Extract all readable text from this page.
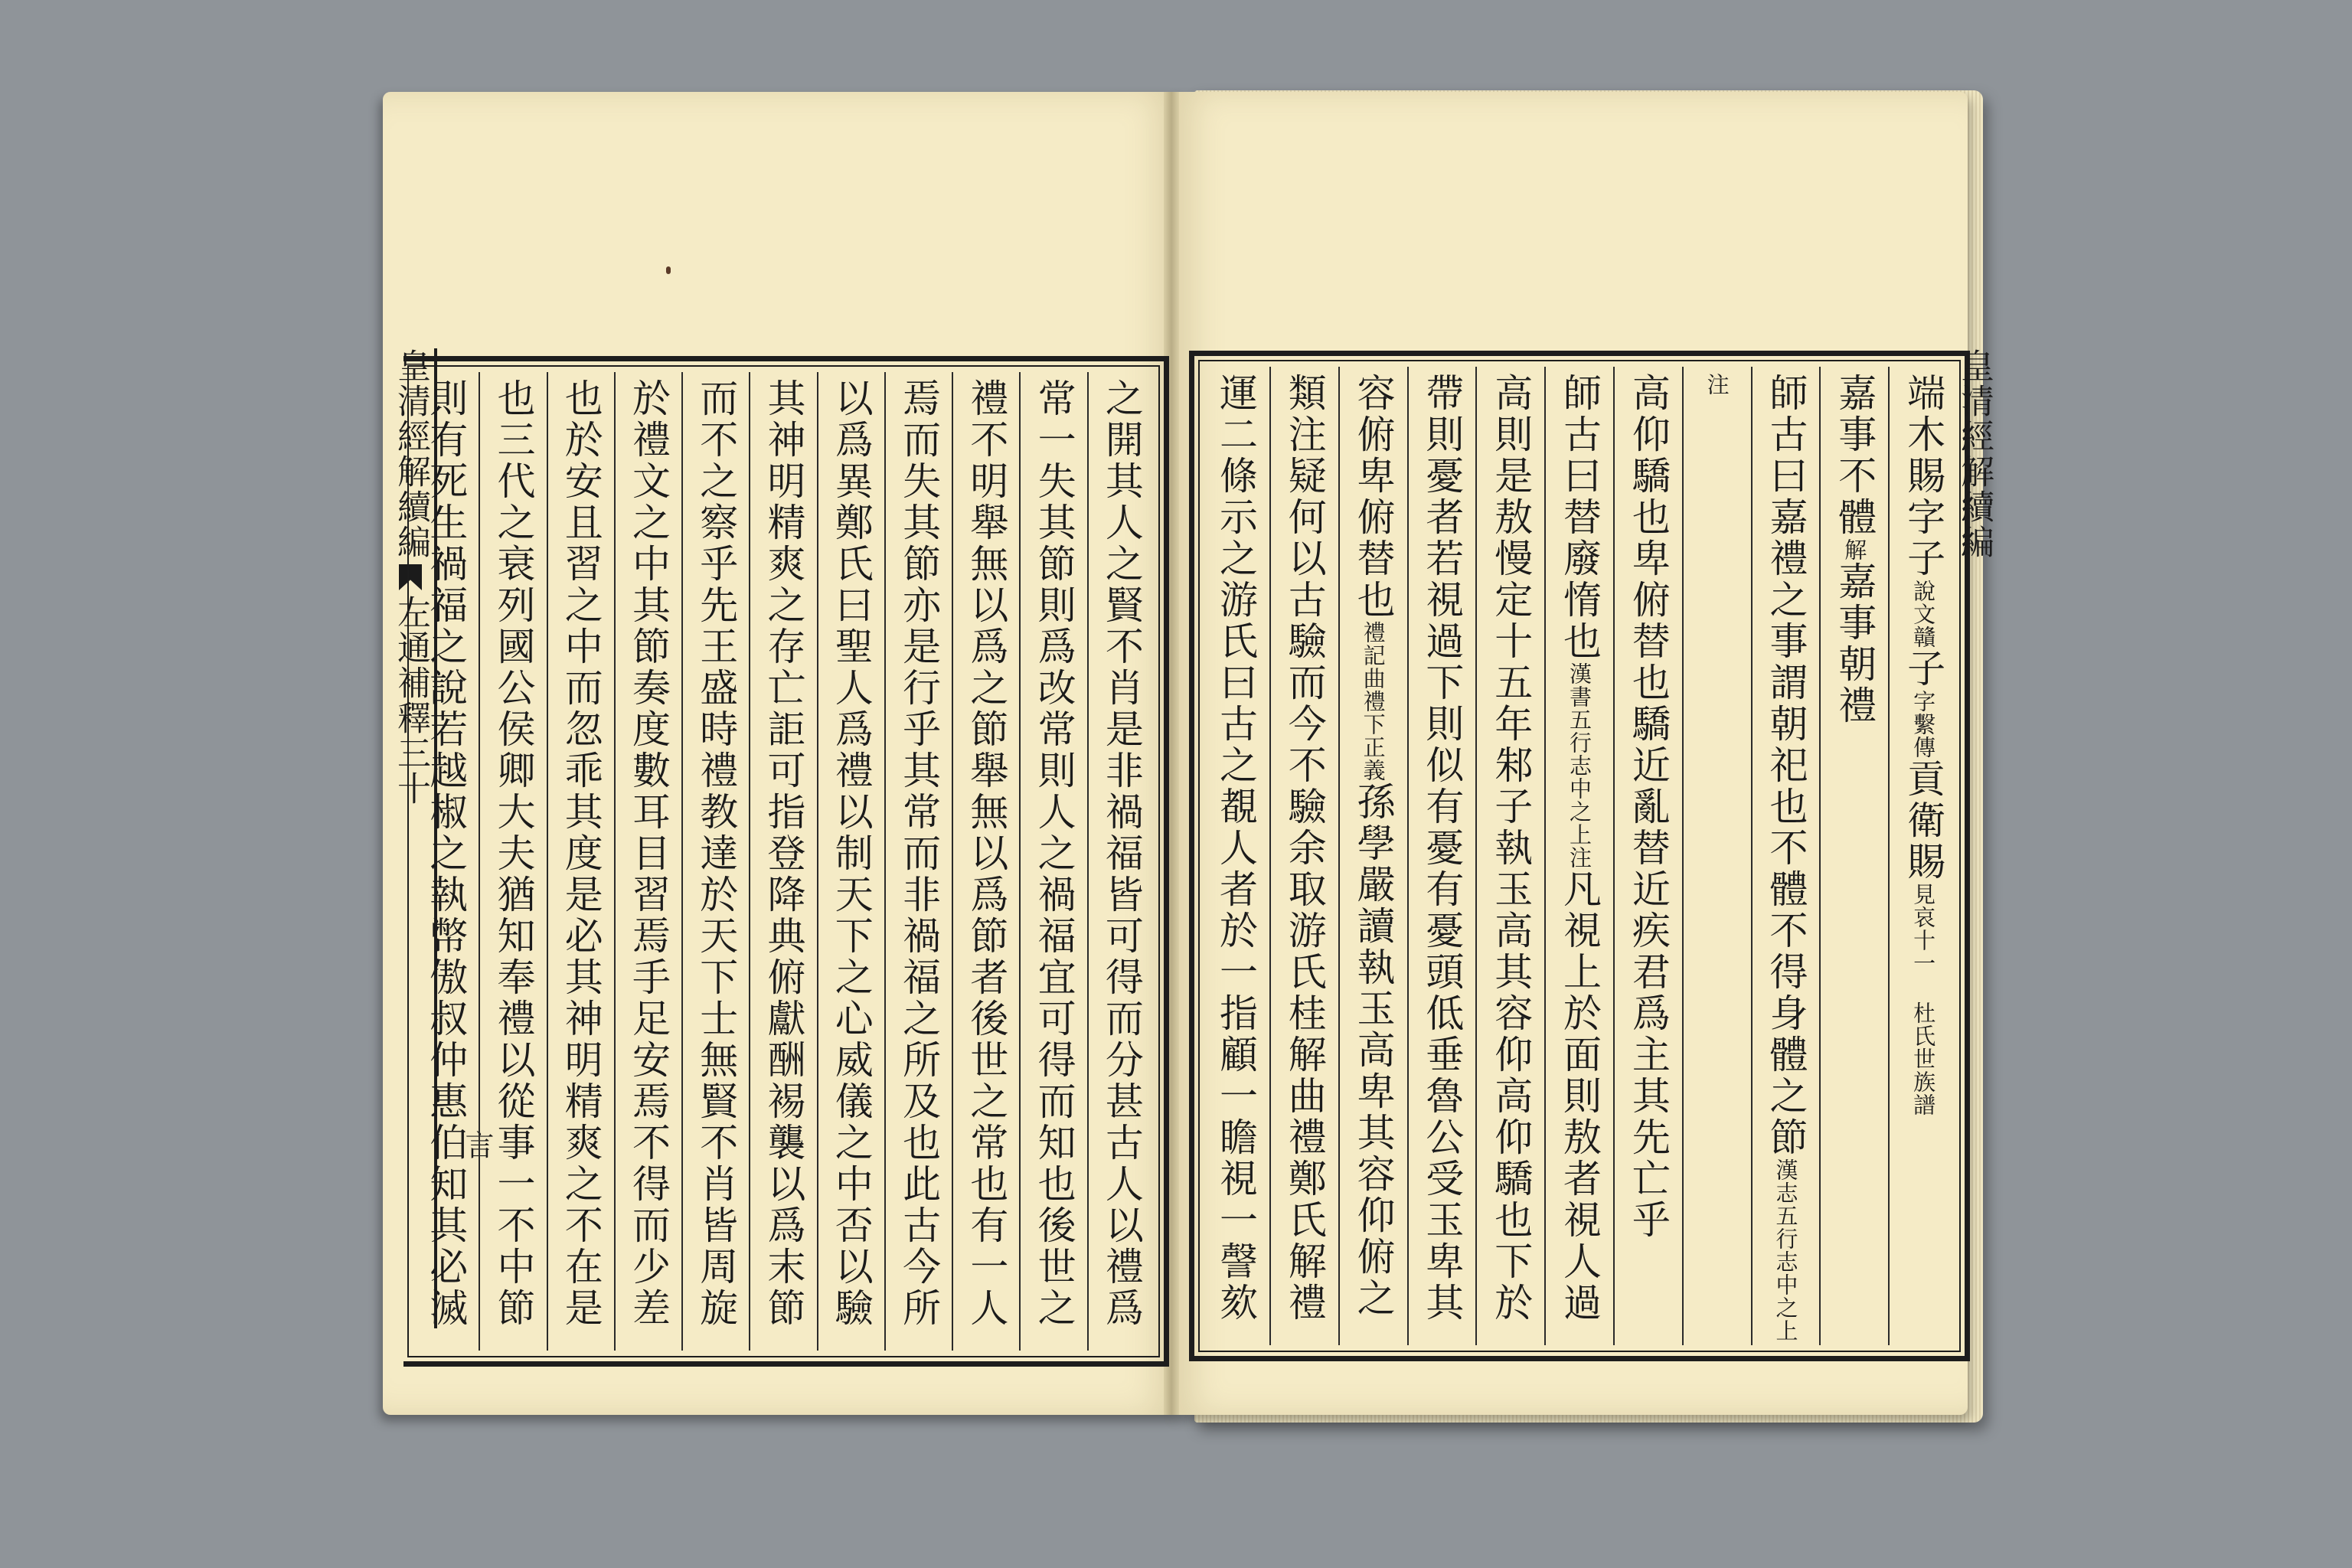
皇清經解續編左通補釋三十
言	之開其人之賢不肖是非禍福皆可得而分甚古人以禮爲
常一失其節則爲改常則人之禍福宜可得而知也後世之
禮不明舉無以爲之節舉無以爲節者後世之常也有一人
焉而失其節亦是行乎其常而非禍福之所及也此古今所
以爲異鄭氏曰聖人爲禮以制天下之心威儀之中否以驗
其神明精爽之存亡詎可指登降典俯獻酬裼襲以爲末節
而不之察乎先王盛時禮教達於天下士無賢不肖皆周旋
於禮文之中其節奏度數耳目習焉手足安焉不得而少差
也於安且習之中而忽乖其度是必其神明精爽之不在是
也三代之衰列國公侯卿大夫猶知奉禮以從事一不中節
則有死生禍福之說若越椒之執幣傲叔仲惠伯知其必滅	端木賜字子說文贛子字繫傳貢衛賜見哀十一 杜氏世族譜
嘉事不體解嘉事朝禮
師古曰嘉禮之事謂朝祀也不體不得身體之節漢志五行志中之上
注
高仰驕也卑俯替也驕近亂替近疾君爲主其先亡乎
師古曰替廢惰也漢書五行志中之上注凡視上於面則敖者視人過
高則是敖慢定十五年邾子執玉高其容仰高仰驕也下於
帶則憂者若視過下則似有憂有憂頭低垂魯公受玉卑其
容俯卑俯替也禮記曲禮下正義孫學嚴讀執玉高卑其容仰俯之
類注疑何以古驗而今不驗余取游氏桂解曲禮鄭氏解禮
運二條示之游氏曰古之覩人者於一指顧一瞻視一謦欬	皇清經解續編
